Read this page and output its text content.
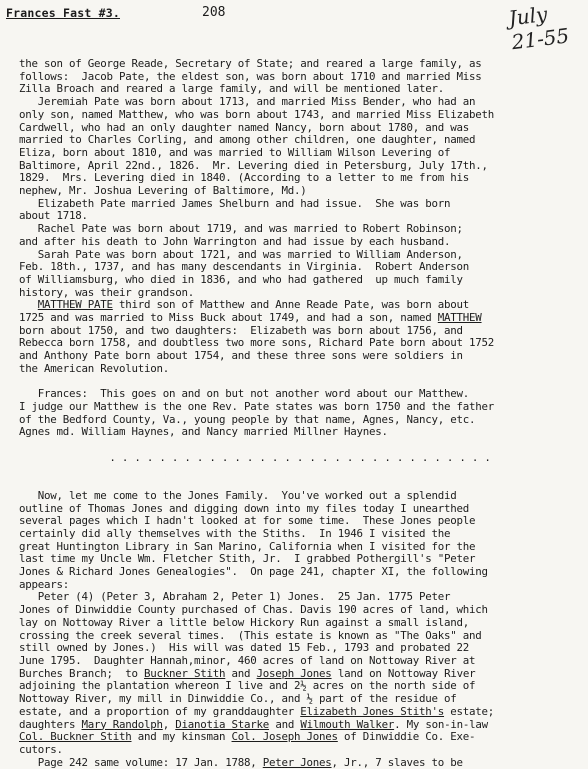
Frances Fast #3.	208	July 21-55

the son of George Reade, Secretary of State; and reared a large family, as

follows:  Jacob Pate, the eldest son, was born about 1710 and married Miss

Zilla Broach and reared a large family, and will be mentioned later.

Jeremiah Pate was born about 1713, and married Miss Bender, who had an

only son, named Matthew, who was born about 1743, and married Miss Elizabeth

Cardwell, who had an only daughter named Nancy, born about 1780, and was

married to Charles Corling, and among other children, one daughter, named

Eliza, born about 1810, and was married to William Wilson Levering of

Baltimore, April 22nd., 1826.  Mr. Levering died in Petersburg, July 17th.,

1829.  Mrs. Levering died in 1840. (According to a letter to me from his

nephew, Mr. Joshua Levering of Baltimore, Md.)

Elizabeth Pate married James Shelburn and had issue.  She was born

about 1718.

Rachel Pate was born about 1719, and was married to Robert Robinson;

and after his death to John Warrington and had issue by each husband.

Sarah Pate was born about 1721, and was married to William Anderson,

Feb. 18th., 1737, and has many descendants in Virginia.  Robert Anderson

of Williamsburg, who died in 1836, and who had gathered  up much family

history, was their grandson.

MATTHEW PATE third son of Matthew and Anne Reade Pate, was born about

1725 and was married to Miss Buck about 1749, and had a son, named MATTHEW

born about 1750, and two daughters:  Elizabeth was born about 1756, and

Rebecca born 1758, and doubtless two more sons, Richard Pate born about 1752

and Anthony Pate born about 1754, and these three sons were soldiers in

the American Revolution.

Frances:  This goes on and on but not another word about our Matthew.

I judge our Matthew is the one Rev. Pate states was born 1750 and the father

of the Bedford County, Va., young people by that name, Agnes, Nancy, etc.

Agnes md. William Haynes, and Nancy married Millner Haynes.

. . . . . . . . . . . . . . . . . . . . . . . . . . . . . . .

Now, let me come to the Jones Family.  You've worked out a splendid

outline of Thomas Jones and digging down into my files today I unearthed

several pages which I hadn't looked at for some time.  These Jones people

certainly did ally themselves with the Stiths.  In 1946 I visited the

great Huntington Library in San Marino, California when I visited for the

last time my Uncle Wm. Fletcher Stith, Jr.  I grabbed Pothergill's "Peter

Jones & Richard Jones Genealogies".  On page 241, chapter XI, the following

appears:

Peter (4) (Peter 3, Abraham 2, Peter 1) Jones.  25 Jan. 1775 Peter

Jones of Dinwiddie County purchased of Chas. Davis 190 acres of land, which

lay on Nottoway River a little below Hickory Run against a small island,

crossing the creek several times.  (This estate is known as "The Oaks" and

still owned by Jones.)  His will was dated 15 Feb., 1793 and probated 22

June 1795.  Daughter Hannah,minor, 460 acres of land on Nottoway River at

Burches Branch;  to Buckner Stith and Joseph Jones land on Nottoway River

adjoining the plantation whereon I live and 2½ acres on the north side of

Nottoway River, my mill in Dinwiddie Co., and ½ part of the residue of

estate, and a proportion of my granddaughter Elizabeth Jones Stith's estate;

daughters Mary Randolph, Dianotia Starke and Wilmouth Walker. My son-in-law

Col. Buckner Stith and my kinsman Col. Joseph Jones of Dinwiddie Co. Exe-

cutors.

Page 242 same volume: 17 Jan. 1788, Peter Jones, Jr., 7 slaves to be
